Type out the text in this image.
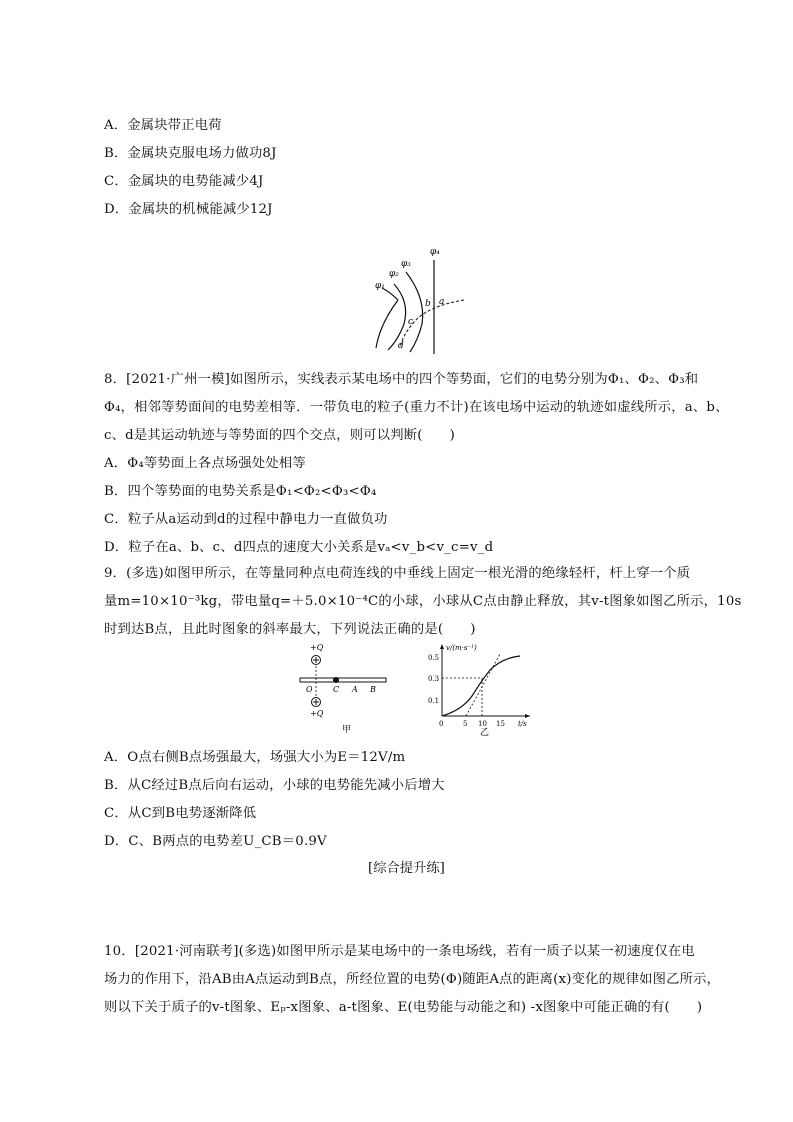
A．金属块带正电荷
B．金属块克服电场力做功8J
C．金属块的电势能减少4J
D．金属块的机械能减少12J
φ₁
φ₂
φ₃
φ₄
a
b
c
d
8．[2021·广州一模]如图所示，实线表示某电场中的四个等势面，它们的电势分别为Φ₁、Φ₂、Φ₃和
Φ₄，相邻等势面间的电势差相等．一带负电的粒子(重力不计)在该电场中运动的轨迹如虚线所示，a、b、
c、d是其运动轨迹与等势面的四个交点，则可以判断(　　)
A．Φ₄等势面上各点场强处处相等
B．四个等势面的电势关系是Φ₁<Φ₂<Φ₃<Φ₄
C．粒子从a运动到d的过程中静电力一直做负功
D．粒子在a、b、c、d四点的速度大小关系是vₐ<v_b<v_c=v_d
9．(多选)如图甲所示，在等量同种点电荷连线的中垂线上固定一根光滑的绝缘轻杆，杆上穿一个质
量m=10×10⁻³kg，带电量q=＋5.0×10⁻⁴C的小球，小球从C点由静止释放，其v-t图象如图乙所示，10s
时到达B点，且此时图象的斜率最大，下列说法正确的是(　　)
+Q
O	C A B
+Q
甲
v/(m·s⁻¹)
t/s
0.5
0.3
0.1
0	5 10 15
乙
A．O点右侧B点场强最大，场强大小为E＝12V/m
B．从C经过B点后向右运动，小球的电势能先减小后增大
C．从C到B电势逐渐降低
D．C、B两点的电势差U_CB＝0.9V
[综合提升练]
10．[2021·河南联考](多选)如图甲所示是某电场中的一条电场线，若有一质子以某一初速度仅在电
场力的作用下，沿AB由A点运动到B点，所经位置的电势(Φ)随距A点的距离(x)变化的规律如图乙所示，
则以下关于质子的v-t图象、Eₚ-x图象、a-t图象、E(电势能与动能之和) -x图象中可能正确的有(　　)
